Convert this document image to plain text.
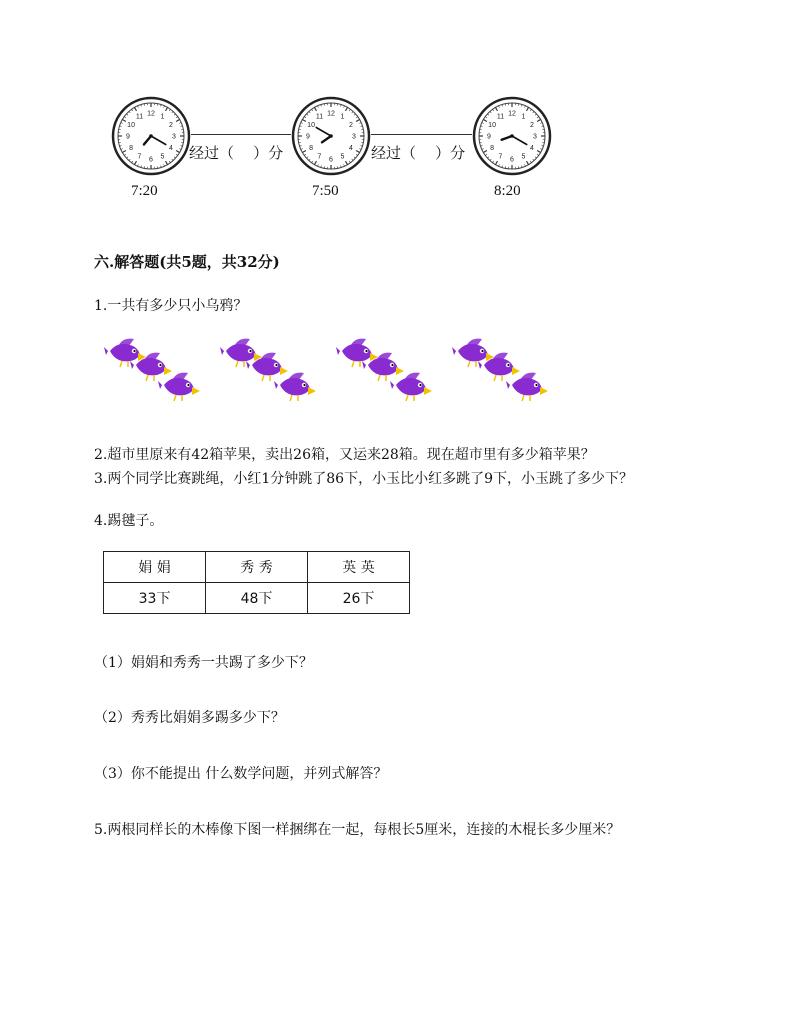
1
2
3
4
5
6
7
8
9
10
11 12	1
2
3
4
5
6
7
8
9
10
11 12	1
2
3
4
5
6
7
8
9
10
11 12
经过（    ）分	经过（    ）分
7:20	7:50	8:20
六.解答题(共5题，共32分)
1.一共有多少只小乌鸦？
2.超市里原来有42箱苹果，卖出26箱，又运来28箱。现在超市里有多少箱苹果？
3.两个同学比赛跳绳，小红1分钟跳了86下，小玉比小红多跳了9下，小玉跳了多少下？
4.踢毽子。
娟 娟	秀 秀	英 英
33下	48下	26下
（1）娟娟和秀秀一共踢了多少下？
（2）秀秀比娟娟多踢多少下？
（3）你不能提出 什么数学问题，并列式解答？
5.两根同样长的木棒像下图一样捆绑在一起，每根长5厘米，连接的木棍长多少厘米？
